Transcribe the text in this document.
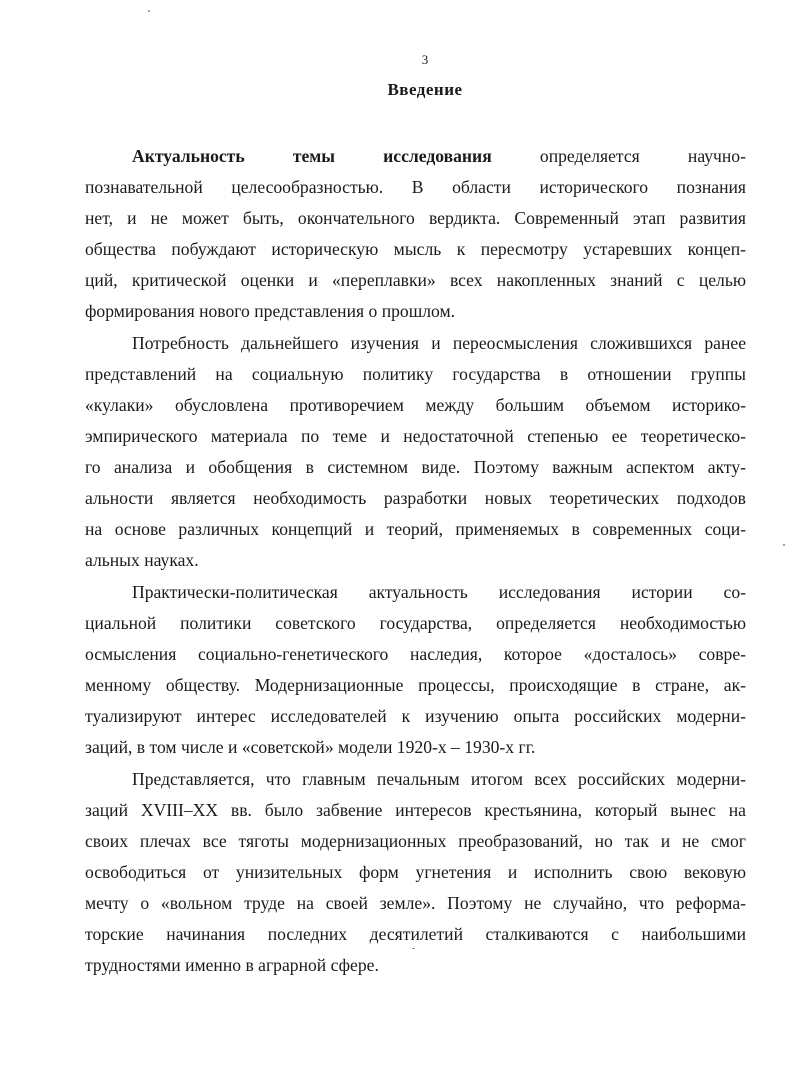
3
Введение
Актуальность	темы	исследования	определяется	научно-
познавательной целесообразностью. В области исторического познания
нет, и не может быть, окончательного вердикта. Современный этап развития
общества побуждают историческую мысль к пересмотру устаревших концеп-
ций, критической оценки и «переплавки» всех накопленных знаний с целью
формирования нового представления о прошлом.
Потребность дальнейшего изучения и переосмысления сложившихся ранее
представлений на социальную политику государства в отношении группы
«кулаки» обусловлена противоречием между большим объемом историко-
эмпирического материала по теме и недостаточной степенью ее теоретическо-
го анализа и обобщения в системном виде. Поэтому важным аспектом акту-
альности является необходимость разработки новых теоретических подходов
на основе различных концепций и теорий, применяемых в современных соци-
альных науках.
Практически-политическая актуальность исследования истории со-
циальной политики советского государства, определяется необходимостью
осмысления социально-генетического наследия, которое «досталось» совре-
менному обществу. Модернизационные процессы, происходящие в стране, ак-
туализируют интерес исследователей к изучению опыта российских модерни-
заций, в том числе и «советской» модели 1920-х – 1930-х гг.
Представляется, что главным печальным итогом всех российских модерни-
заций XVIII–XX вв. было забвение интересов крестьянина, который вынес на
своих плечах все тяготы модернизационных преобразований, но так и не смог
освободиться от унизительных форм угнетения и исполнить свою вековую
мечту о «вольном труде на своей земле». Поэтому не случайно, что реформа-
торские начинания последних десятилетий сталкиваются с наибольшими
трудностями именно в аграрной сфере.
